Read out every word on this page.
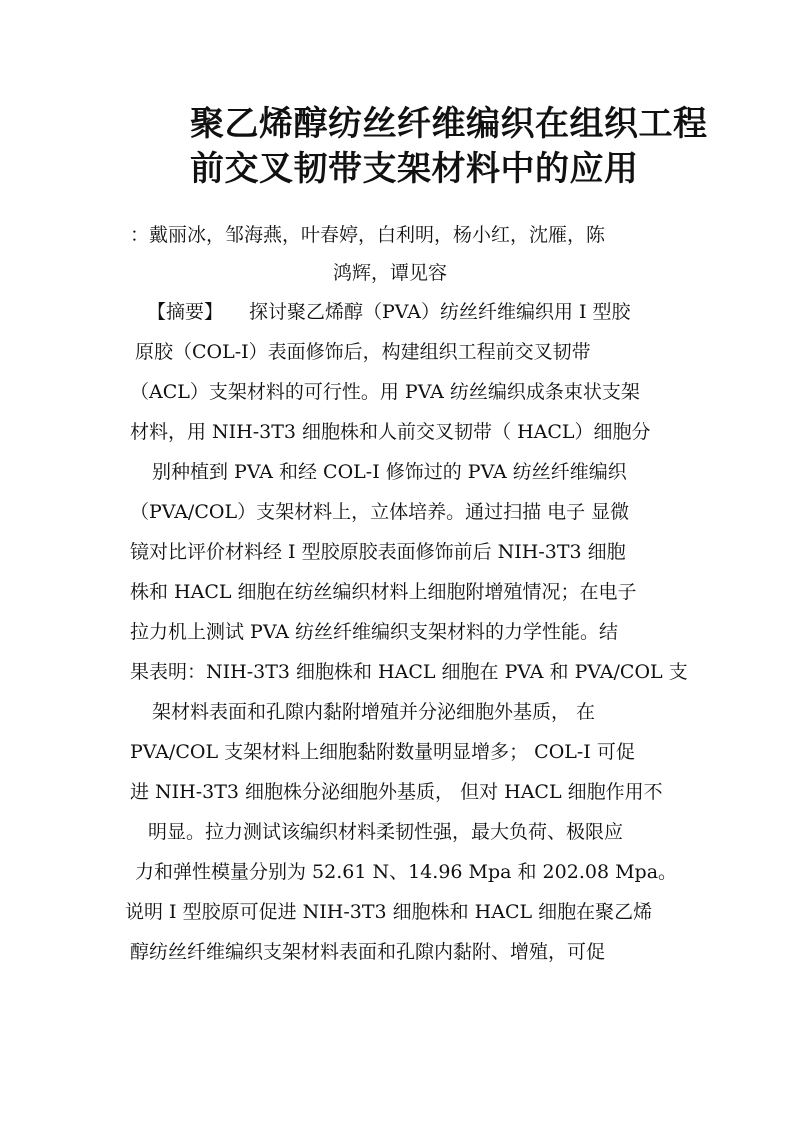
聚乙烯醇纺丝纤维编织在组织工程
前交叉韧带支架材料中的应用
：戴丽冰，邹海燕，叶春婷，白利明，杨小红，沈雁，陈
鸿辉，谭见容
【摘要】 探讨聚乙烯醇（PVA）纺丝纤维编织用 I 型胶
原胶（COL-I）表面修饰后，构建组织工程前交叉韧带
（ACL）支架材料的可行性。用 PVA 纺丝编织成条束状支架
材料，用 NIH-3T3 细胞株和人前交叉韧带（ HACL）细胞分
别种植到 PVA 和经 COL-I 修饰过的 PVA 纺丝纤维编织
（PVA/COL）支架材料上，立体培养。通过扫描 电子 显微
镜对比评价材料经 I 型胶原胶表面修饰前后 NIH-3T3 细胞
株和 HACL 细胞在纺丝编织材料上细胞附增殖情况；在电子
拉力机上测试 PVA 纺丝纤维编织支架材料的力学性能。结
果表明：NIH-3T3 细胞株和 HACL 细胞在 PVA 和 PVA/COL 支
架材料表面和孔隙内黏附增殖并分泌细胞外基质， 在
PVA/COL 支架材料上细胞黏附数量明显增多； COL-I 可促
进 NIH-3T3 细胞株分泌细胞外基质， 但对 HACL 细胞作用不
明显。拉力测试该编织材料柔韧性强，最大负荷、极限应
力和弹性模量分别为 52.61 N、14.96 Mpa 和 202.08 Mpa。
说明 I 型胶原可促进 NIH-3T3 细胞株和 HACL 细胞在聚乙烯
醇纺丝纤维编织支架材料表面和孔隙内黏附、增殖，可促
